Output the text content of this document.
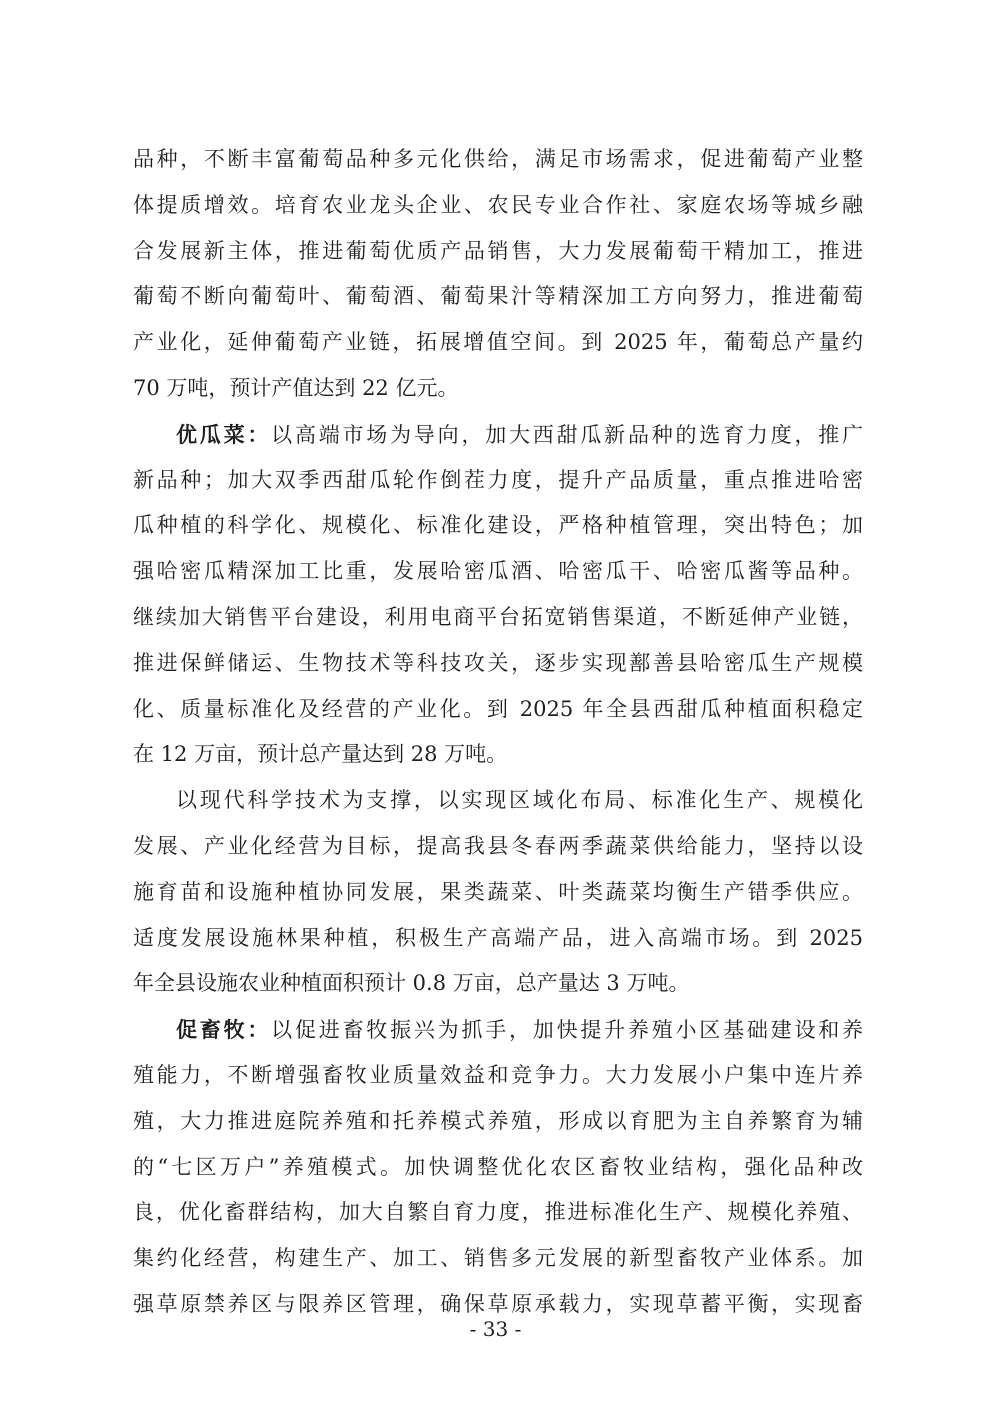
品种，不断丰富葡萄品种多元化供给，满足市场需求，促进葡萄产业整
体提质增效。培育农业龙头企业、农民专业合作社、家庭农场等城乡融
合发展新主体，推进葡萄优质产品销售，大力发展葡萄干精加工，推进
葡萄不断向葡萄叶、葡萄酒、葡萄果汁等精深加工方向努力，推进葡萄
产业化，延伸葡萄产业链，拓展增值空间。到 2025 年，葡萄总产量约
70 万吨，预计产值达到 22 亿元。
优瓜菜：以高端市场为导向，加大西甜瓜新品种的选育力度，推广
新品种；加大双季西甜瓜轮作倒茬力度，提升产品质量，重点推进哈密
瓜种植的科学化、规模化、标准化建设，严格种植管理，突出特色；加
强哈密瓜精深加工比重，发展哈密瓜酒、哈密瓜干、哈密瓜酱等品种。
继续加大销售平台建设，利用电商平台拓宽销售渠道，不断延伸产业链，
推进保鲜储运、生物技术等科技攻关，逐步实现鄯善县哈密瓜生产规模
化、质量标准化及经营的产业化。到 2025 年全县西甜瓜种植面积稳定
在 12 万亩，预计总产量达到 28 万吨。
以现代科学技术为支撑，以实现区域化布局、标准化生产、规模化
发展、产业化经营为目标，提高我县冬春两季蔬菜供给能力，坚持以设
施育苗和设施种植协同发展，果类蔬菜、叶类蔬菜均衡生产错季供应。
适度发展设施林果种植，积极生产高端产品，进入高端市场。到 2025
年全县设施农业种植面积预计 0.8 万亩，总产量达 3 万吨。
促畜牧：以促进畜牧振兴为抓手，加快提升养殖小区基础建设和养
殖能力，不断增强畜牧业质量效益和竞争力。大力发展小户集中连片养
殖，大力推进庭院养殖和托养模式养殖，形成以育肥为主自养繁育为辅
的“七区万户”养殖模式。加快调整优化农区畜牧业结构，强化品种改
良，优化畜群结构，加大自繁自育力度，推进标准化生产、规模化养殖、
集约化经营，构建生产、加工、销售多元发展的新型畜牧产业体系。加
强草原禁养区与限养区管理，确保草原承载力，实现草蓄平衡，实现畜
- 33 -
